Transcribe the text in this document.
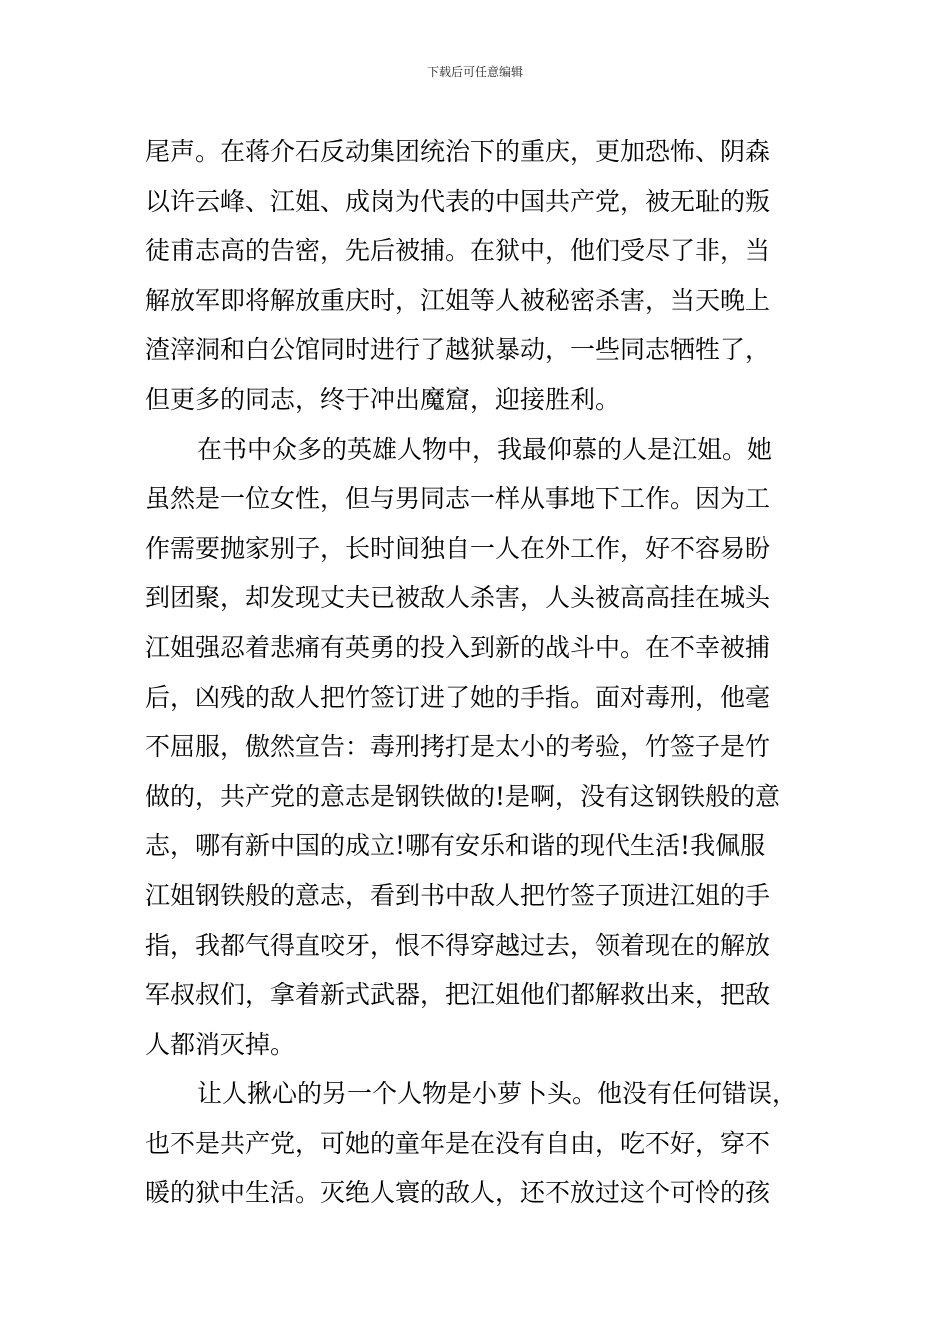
下载后可任意编辑
尾声。在蒋介石反动集团统治下的重庆，更加恐怖、阴森
以许云峰、江姐、成岗为代表的中国共产党，被无耻的叛
徒甫志高的告密，先后被捕。在狱中，他们受尽了非，当
解放军即将解放重庆时，江姐等人被秘密杀害，当天晚上
渣滓洞和白公馆同时进行了越狱暴动，一些同志牺牲了，
但更多的同志，终于冲出魔窟，迎接胜利。
在书中众多的英雄人物中，我最仰慕的人是江姐。她
虽然是一位女性，但与男同志一样从事地下工作。因为工
作需要抛家别子，长时间独自一人在外工作，好不容易盼
到团聚，却发现丈夫已被敌人杀害，人头被高高挂在城头
江姐强忍着悲痛有英勇的投入到新的战斗中。在不幸被捕
后，凶残的敌人把竹签订进了她的手指。面对毒刑，他毫
不屈服，傲然宣告：毒刑拷打是太小的考验，竹签子是竹
做的，共产党的意志是钢铁做的!是啊，没有这钢铁般的意
志，哪有新中国的成立!哪有安乐和谐的现代生活!我佩服
江姐钢铁般的意志，看到书中敌人把竹签子顶进江姐的手
指，我都气得直咬牙，恨不得穿越过去，领着现在的解放
军叔叔们，拿着新式武器，把江姐他们都解救出来，把敌
人都消灭掉。
让人揪心的另一个人物是小萝卜头。他没有任何错误，
也不是共产党，可她的童年是在没有自由，吃不好，穿不
暖的狱中生活。灭绝人寰的敌人，还不放过这个可怜的孩
